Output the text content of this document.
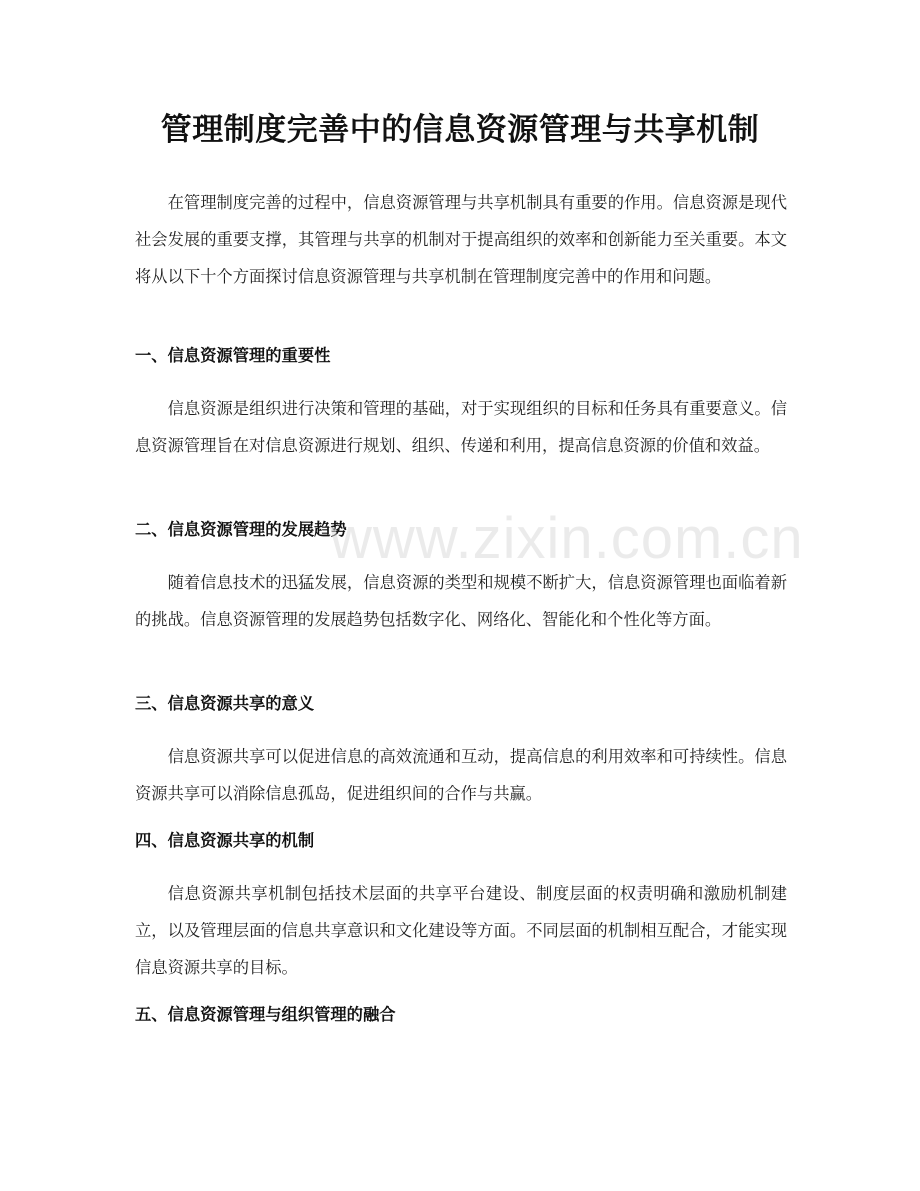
管理制度完善中的信息资源管理与共享机制

在管理制度完善的过程中，信息资源管理与共享机制具有重要的作用。信息资源是现代社会发展的重要支撑，其管理与共享的机制对于提高组织的效率和创新能力至关重要。本文将从以下十个方面探讨信息资源管理与共享机制在管理制度完善中的作用和问题。

一、信息资源管理的重要性

信息资源是组织进行决策和管理的基础，对于实现组织的目标和任务具有重要意义。信息资源管理旨在对信息资源进行规划、组织、传递和利用，提高信息资源的价值和效益。

二、信息资源管理的发展趋势

随着信息技术的迅猛发展，信息资源的类型和规模不断扩大，信息资源管理也面临着新的挑战。信息资源管理的发展趋势包括数字化、网络化、智能化和个性化等方面。

三、信息资源共享的意义

信息资源共享可以促进信息的高效流通和互动，提高信息的利用效率和可持续性。信息资源共享可以消除信息孤岛，促进组织间的合作与共赢。

四、信息资源共享的机制

信息资源共享机制包括技术层面的共享平台建设、制度层面的权责明确和激励机制建立，以及管理层面的信息共享意识和文化建设等方面。不同层面的机制相互配合，才能实现信息资源共享的目标。

五、信息资源管理与组织管理的融合
www.zixin.com.cn
